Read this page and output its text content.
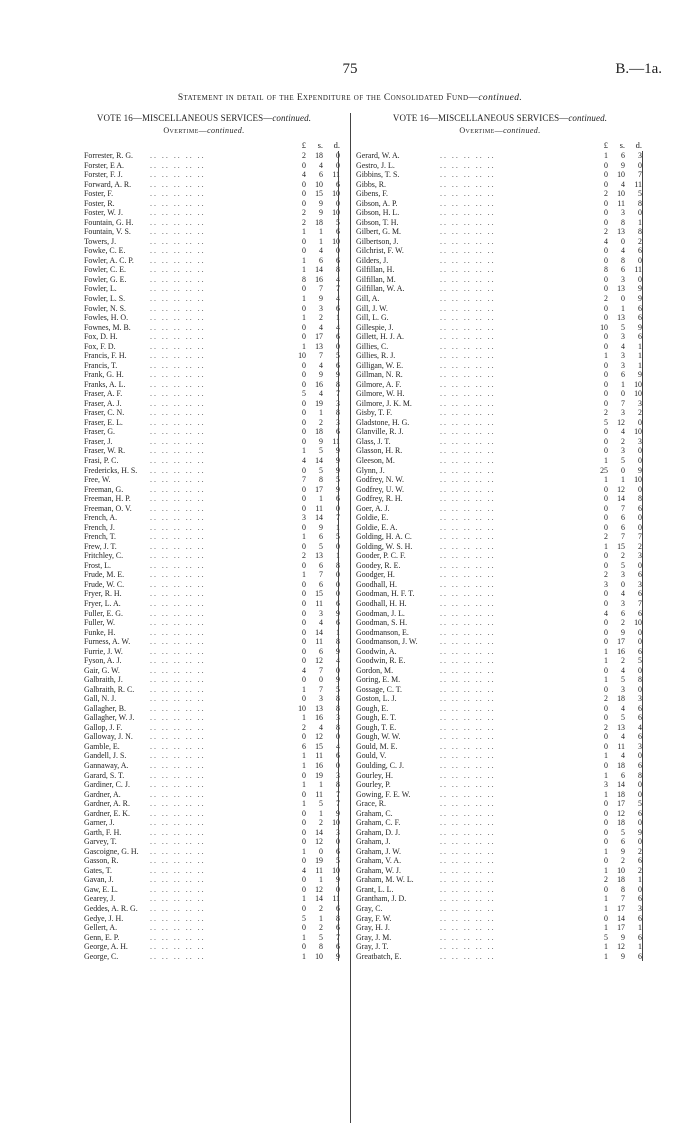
75	B.—1a.
Statement in detail of the Expenditure of the Consolidated Fund—continued.
VOTE 16—MISCELLANEOUS SERVICES—continued.
Overtime—continued.
£	s.	d.
Forrester, R. G. .. .. .. .. ..	2	18	0
Forster, E A.	.. .. .. .. ..	0	4	0
Forster, F. J.	.. .. .. .. ..	4	6	11
Forward, A. R. .. .. .. .. ..	0	10	6
Foster, F.	.. .. .. .. ..	0	15	10
Foster, R.	.. .. .. .. ..	0	9	0
Foster, W. J.	.. .. .. .. ..	2	9	10
Fountain, G. H. .. .. .. .. ..	2	18	5
Fountain, V. S. .. .. .. .. ..	1	1	6
Towers, J.	.. .. .. .. ..	0	1	10
Fowke, C. E.	.. .. .. .. ..	0	4	0
Fowler, A. C. P. .. .. .. .. ..	1	6	6
Fowler, C. E.	.. .. .. .. ..	1	14	8
Fowler, G. E.	.. .. .. .. ..	8	16	4
Fowler, L.	.. .. .. .. ..	0	7	7
Fowler, L. S.	.. .. .. .. ..	1	9	4
Fowler, N. S.	.. .. .. .. ..	0	3	6
Fowles, H. O.	.. .. .. .. ..	1	2	1
Fownes, M. B. .. .. .. .. ..	0	4	4
Fox, D. H.	.. .. .. .. ..	0	17	6
Fox, F. D.	.. .. .. .. ..	1	13	0
Francis, F. H.	.. .. .. .. ..	10	7	5
Francis, T.	.. .. .. .. ..	0	4	6
Frank, G. H.	.. .. .. .. ..	0	9	9
Franks, A. L.	.. .. .. .. ..	0	16	8
Fraser, A. F.	.. .. .. .. ..	5	4	7
Fraser, A. J.	.. .. .. .. ..	0	19	3
Fraser, C. N.	.. .. .. .. ..	0	1	8
Fraser, E. L.	.. .. .. .. ..	0	2	3
Fraser, G.	.. .. .. .. ..	0	18	6
Fraser, J.	.. .. .. .. ..	0	9	11
Fraser, W. R.	.. .. .. .. ..	1	5	9
Frasi, P. C.	.. .. .. .. ..	4	14	9
Fredericks, H. S. .. .. .. .. ..	0	5	9
Free, W.	.. .. .. .. ..	7	8	5
Freeman, G.	.. .. .. .. ..	0	17	9
Freeman, H. P. .. .. .. .. ..	0	1	6
Freeman, O. V. .. .. .. .. ..	0	11	0
French, A.	.. .. .. .. ..	3	14	7
French, J.	.. .. .. .. ..	0	9	1
French, T.	.. .. .. .. ..	1	6	5
Frew, J. T.	.. .. .. .. ..	0	5	0
Fritchley, C.	.. .. .. .. ..	2	13	1
Frost, L.	.. .. .. .. ..	0	6	8
Frude, M. E.	.. .. .. .. ..	1	7	0
Frude, W. C.	.. .. .. .. ..	0	6	0
Fryer, R. H.	.. .. .. .. ..	0	15	0
Fryer, L. A.	.. .. .. .. ..	0	11	6
Fuller, E. G.	.. .. .. .. ..	0	3	9
Fuller, W.	.. .. .. .. ..	0	4	6
Funke, H.	.. .. .. .. ..	0	14	1
Furness, A. W. .. .. .. .. ..	0	11	8
Furrie, J. W.	.. .. .. .. ..	0	6	9
Fyson, A. J.	.. .. .. .. ..	0	12	4
Gair, G. W.	.. .. .. .. ..	4	7	0
Galbraith, J.	.. .. .. .. ..	0	0	9
Galbraith, R. C. .. .. .. .. ..	1	7	5
Gall, N. J.	.. .. .. .. ..	0	3	8
Gallagher, B.	.. .. .. .. ..	10	13	8
Gallagher, W. J. .. .. .. .. ..	1	16	3
Gallop, J. F.	.. .. .. .. ..	2	4	8
Galloway, J. N. .. .. .. .. ..	0	12	0
Gamble, E.	.. .. .. .. ..	6	15	4
Gandell, J. S.	.. .. .. .. ..	1	11	6
Gannaway, A.	.. .. .. .. ..	1	16	0
Garard, S. T.	.. .. .. .. ..	0	19	3
Gardiner, C. J.	.. .. .. .. ..	1	1	8
Gardner, A.	.. .. .. .. ..	0	11	7
Gardner, A. R.	.. .. .. .. ..	1	5	7
Gardner, E. K.	.. .. .. .. ..	0	1	9
Garner, J.	.. .. .. .. ..	0	2	10
Garth, F. H.	.. .. .. .. ..	0	14	3
Garvey, T.	.. .. .. .. ..	0	12	0
Gascoigne, G. H. .. .. .. .. ..	1	0	6
Gasson, R.	.. .. .. .. ..	0	19	5
Gates, T.	.. .. .. .. ..	4	11	10
Gavan, J.	.. .. .. .. ..	0	1	9
Gaw, E. L.	.. .. .. .. ..	0	12	0
Gearey, J.	.. .. .. .. ..	1	14	11
Geddes, A. R. G. .. .. .. .. ..	0	2	6
Gedye, J. H.	.. .. .. .. ..	5	1	8
Gellert, A.	.. .. .. .. ..	0	2	6
Genn, E. P.	.. .. .. .. ..	1	5	7
George, A. H.	.. .. .. .. ..	0	8	6
George, C.	.. .. .. .. ..	1	10	9
VOTE 16—MISCELLANEOUS SERVICES—continued.
Overtime—continued.
£	s.	d.
Gerard, W. A.	.. .. .. .. ..	1	6	3
Gestro, J. L.	.. .. .. .. ..	0	9	0
Gibbins, T. S.	.. .. .. .. ..	0	10	7
Gibbs, R.	.. .. .. .. ..	0	4	11
Gibens, F.	.. .. .. .. ..	2	10	5
Gibson, A. P.	.. .. .. .. ..	0	11	8
Gibson, H. L.	.. .. .. .. ..	0	3	0
Gibson, T. H.	.. .. .. .. ..	0	8	1
Gilbert, G. M.	.. .. .. .. ..	2	13	8
Gilbertson, J.	.. .. .. .. ..	4	0	2
Gilchrist, F. W.	.. .. .. .. ..	0	4	6
Gilders, J.	.. .. .. .. ..	0	8	0
Gilfillan, H.	.. .. .. .. ..	8	6	11
Gilfillan, M.	.. .. .. .. ..	0	3	0
Gilfillan, W. A.	.. .. .. .. ..	0	13	9
Gill, A.	.. .. .. .. ..	2	0	9
Gill, J. W.	.. .. .. .. ..	0	1	6
Gill, L. G.	.. .. .. .. ..	0	13	6
Gillespie, J.	.. .. .. .. ..	10	5	9
Gillett, H. J. A.	.. .. .. .. ..	0	3	6
Gillies, C.	.. .. .. .. ..	0	4	1
Gillies, R. J.	.. .. .. .. ..	1	3	1
Gilligan, W. E.	.. .. .. .. ..	0	3	1
Gillman, N. R.	.. .. .. .. ..	0	6	9
Gilmore, A. F.	.. .. .. .. ..	0	1	10
Gilmore, W. H.	.. .. .. .. ..	0	0	10
Gilmore, J. K. M.	.. .. .. .. ..	0	7	3
Gisby, T. F.	.. .. .. .. ..	2	3	2
Gladstone, H. G.	.. .. .. .. ..	5	12	0
Glanville, R. J.	.. .. .. .. ..	0	4	10
Glass, J. T.	.. .. .. .. ..	0	2	3
Glasson, H. R.	.. .. .. .. ..	0	3	0
Gleeson, M.	.. .. .. .. ..	1	5	0
Glynn, J.	.. .. .. .. ..	25	0	9
Godfrey, N. W.	.. .. .. .. ..	1	1	10
Godfrey, U. W.	.. .. .. .. ..	0	12	0
Godfrey, R. H.	.. .. .. .. ..	0	14	8
Goer, A. J.	.. .. .. .. ..	0	7	6
Goldie, E.	.. .. .. .. ..	0	6	0
Goldie, E. A.	.. .. .. .. ..	0	6	0
Golding, H. A. C.	.. .. .. .. ..	2	7	7
Golding, W. S. H.	.. .. .. .. ..	1	15	2
Gooder, P. C. F.	.. .. .. .. ..	0	2	3
Goodey, R. E.	.. .. .. .. ..	0	5	0
Goodger, H.	.. .. .. .. ..	2	3	6
Goodhall, H.	.. .. .. .. ..	3	0	3
Goodman, H. F. T.	.. .. .. .. ..	0	4	6
Goodhall, H. H.	.. .. .. .. ..	0	3	7
Goodman, J. L.	.. .. .. .. ..	4	6	6
Goodman, S. H.	.. .. .. .. ..	0	2	10
Goodmanson, E.	.. .. .. .. ..	0	9	0
Goodmanson, J. W.	.. .. .. .. ..	0	17	0
Goodwin, A.	.. .. .. .. ..	1	16	6
Goodwin, R. E.	.. .. .. .. ..	1	2	5
Gordon, M.	.. .. .. .. ..	0	4	0
Goring, E. M.	.. .. .. .. ..	1	5	8
Gossage, C. T.	.. .. .. .. ..	0	3	0
Goston, L. J.	.. .. .. .. ..	2	18	3
Gough, E.	.. .. .. .. ..	0	4	6
Gough, E. T.	.. .. .. .. ..	0	5	6
Gough, T. E.	.. .. .. .. ..	2	13	4
Gough, W. W.	.. .. .. .. ..	0	4	6
Gould, M. E.	.. .. .. .. ..	0	11	3
Gould, V.	.. .. .. .. ..	1	4	0
Goulding, C. J.	.. .. .. .. ..	0	18	6
Gourley, H.	.. .. .. .. ..	1	6	8
Gourley, P.	.. .. .. .. ..	3	14	0
Gowing, F. E. W.	.. .. .. .. ..	1	18	0
Grace, R.	.. .. .. .. ..	0	17	5
Graham, C.	.. .. .. .. ..	0	12	6
Graham, C. F.	.. .. .. .. ..	0	18	0
Graham, D. J.	.. .. .. .. ..	0	5	9
Graham, J.	.. .. .. .. ..	0	6	0
Graham, J. W.	.. .. .. .. ..	1	9	2
Graham, V. A.	.. .. .. .. ..	0	2	6
Graham, W. J.	.. .. .. .. ..	1	10	2
Graham, M. W. L.	.. .. .. .. ..	2	18	1
Grant, L. L.	.. .. .. .. ..	0	8	0
Grantham, J. D.	.. .. .. .. ..	1	7	6
Gray, C.	.. .. .. .. ..	1	17	3
Gray, F. W.	.. .. .. .. ..	0	14	6
Gray, H. J.	.. .. .. .. ..	1	17	1
Gray, J. M.	.. .. .. .. ..	5	9	6
Gray, J. T.	.. .. .. .. ..	1	12	1
Greatbatch, E.	.. .. .. .. ..	1	9	6
